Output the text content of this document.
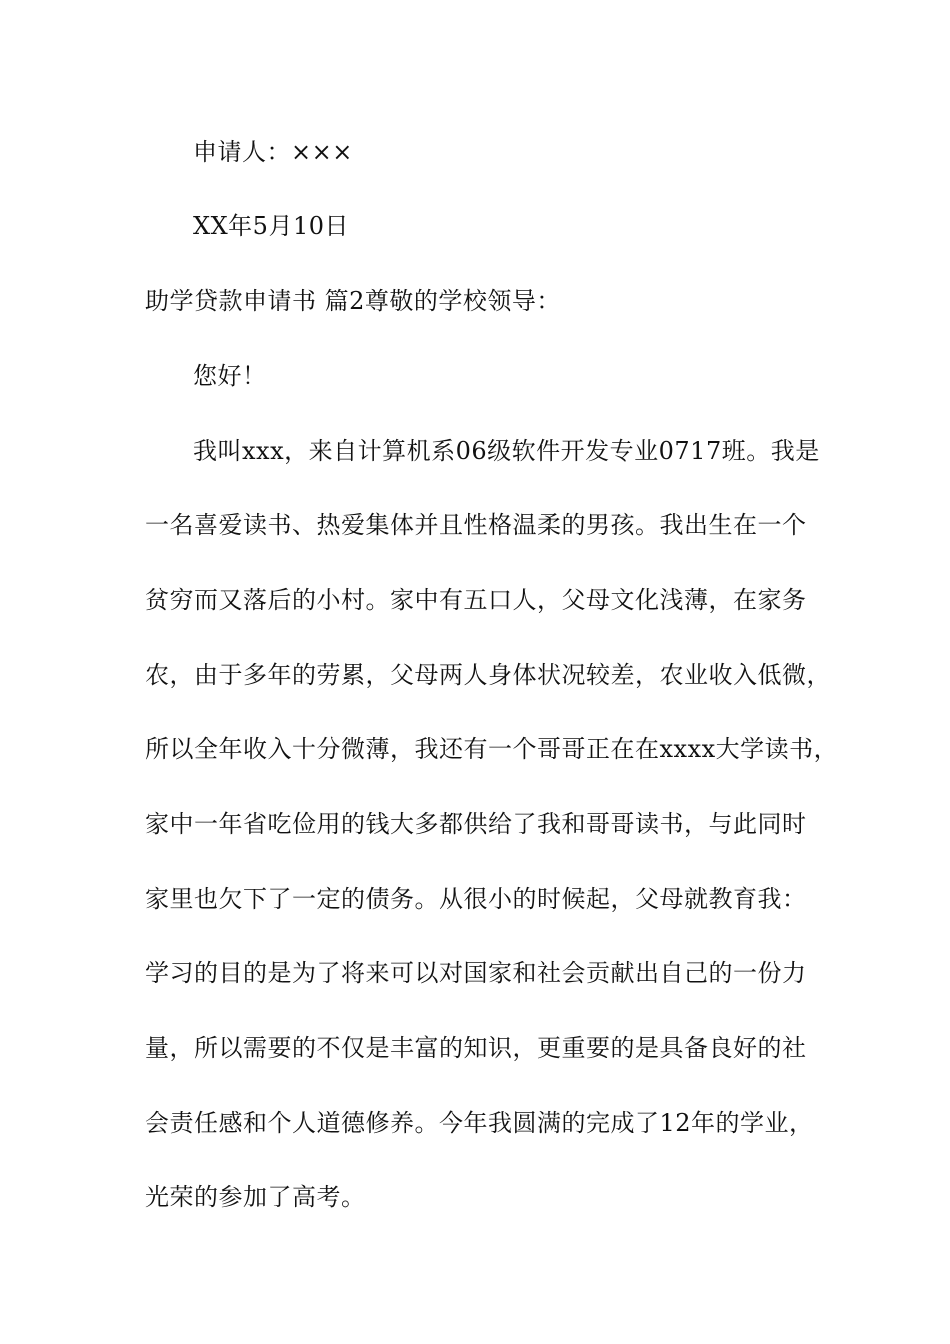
申请人：×××
XX年5月10日
助学贷款申请书 篇2尊敬的学校领导：
您好！
我叫xxx，来自计算机系06级软件开发专业0717班。我是
一名喜爱读书、热爱集体并且性格温柔的男孩。我出生在一个
贫穷而又落后的小村。家中有五口人，父母文化浅薄，在家务
农，由于多年的劳累，父母两人身体状况较差，农业收入低微，
所以全年收入十分微薄，我还有一个哥哥正在在xxxx大学读书，
家中一年省吃俭用的钱大多都供给了我和哥哥读书，与此同时
家里也欠下了一定的债务。从很小的时候起，父母就教育我：
学习的目的是为了将来可以对国家和社会贡献出自己的一份力
量，所以需要的不仅是丰富的知识，更重要的是具备良好的社
会责任感和个人道德修养。今年我圆满的完成了12年的学业，
光荣的参加了高考。
